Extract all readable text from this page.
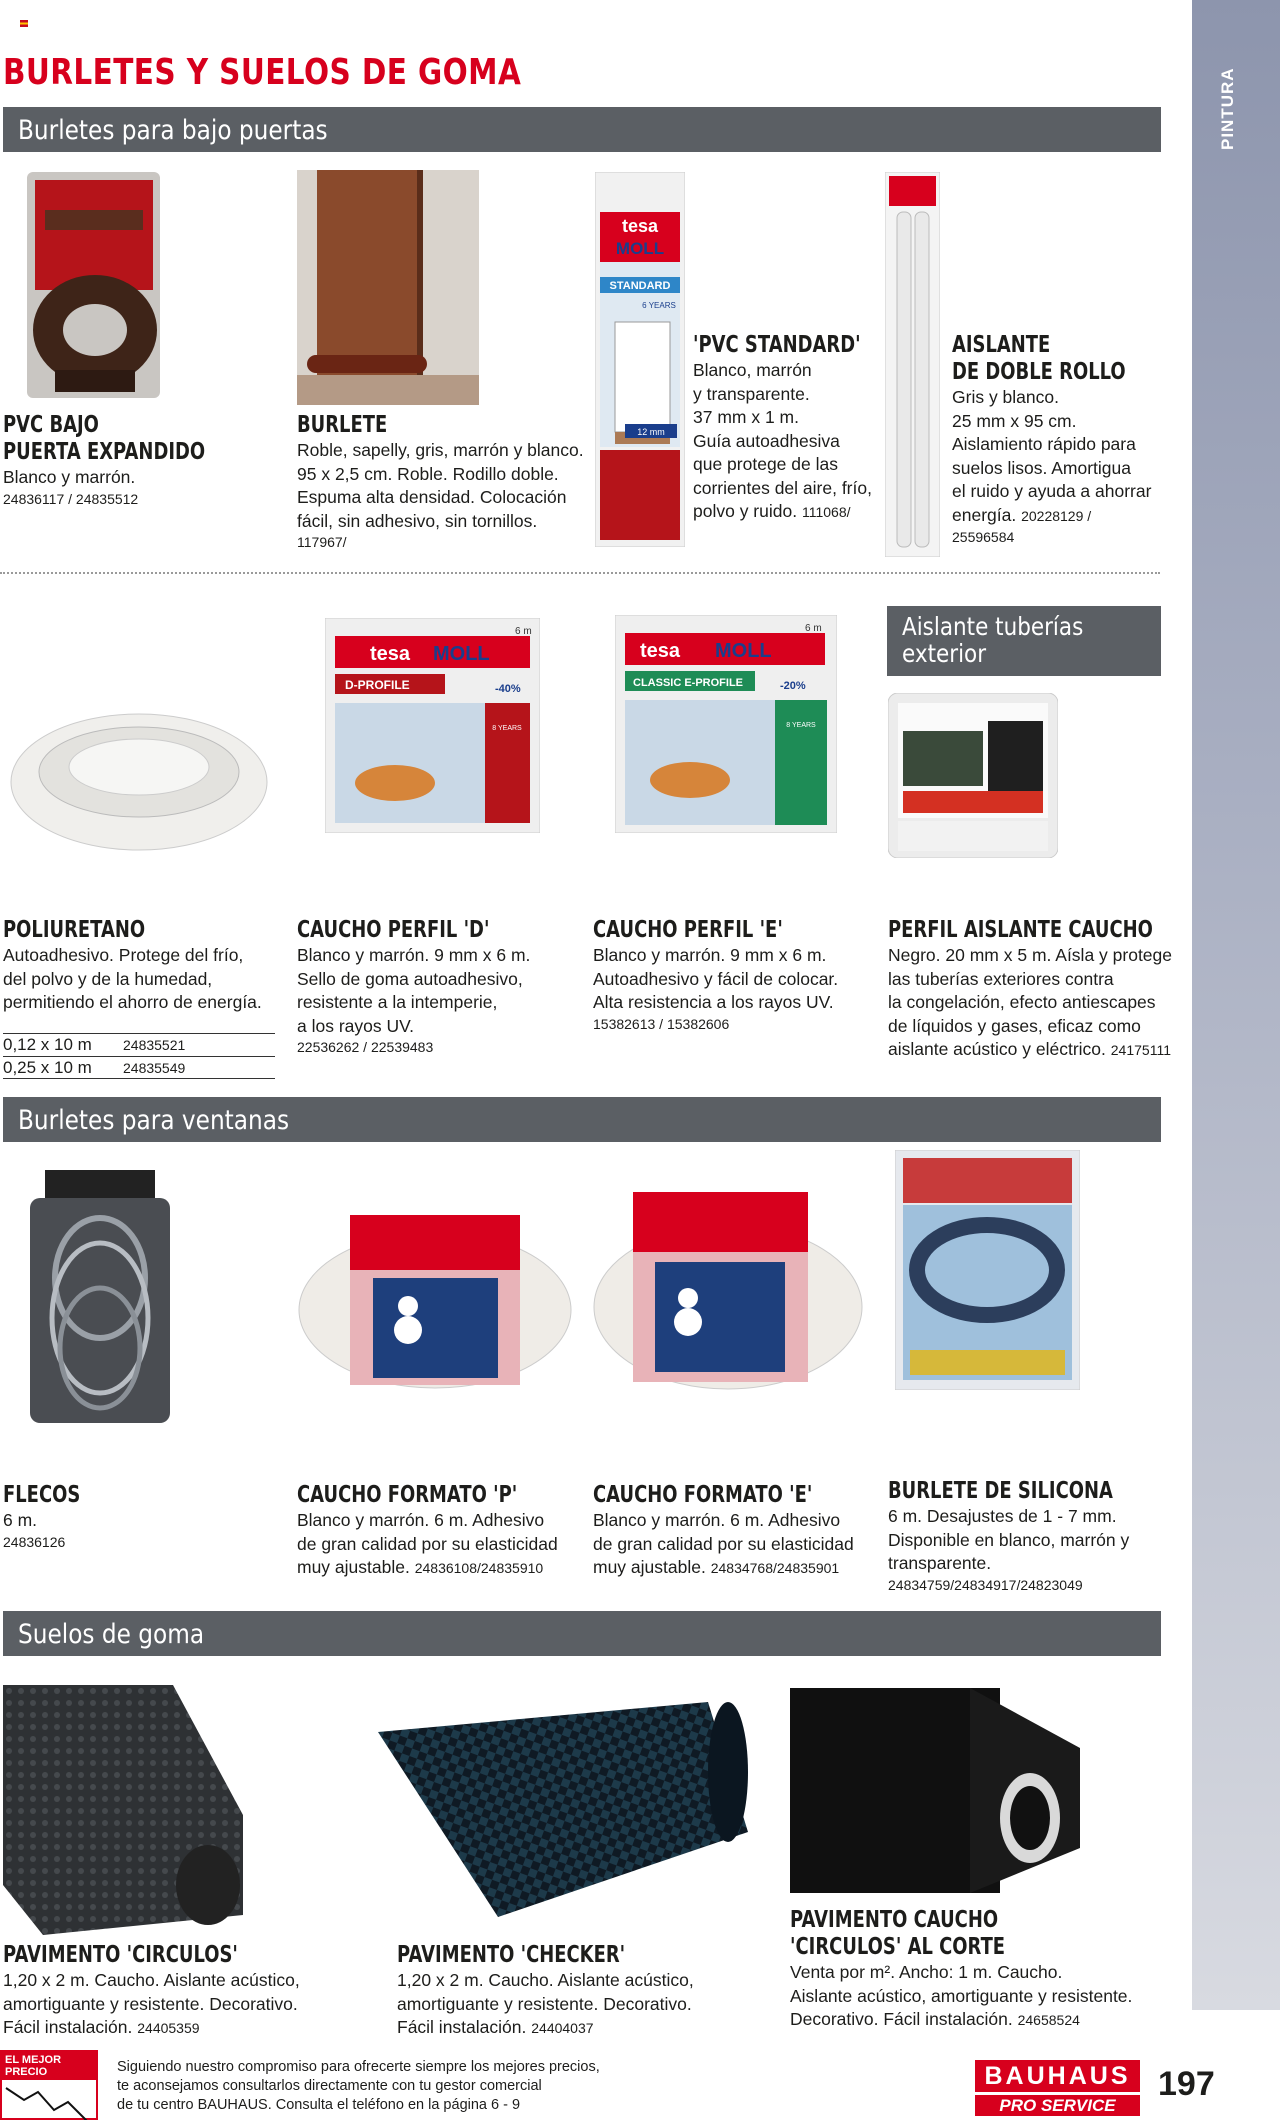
PINTURA
BURLETES Y SUELOS DE GOMA
Burletes para bajo puertas
tesa
MOLL
STANDARD
6 YEARS
12 mm
PVC BAJO
PUERTA EXPANDIDO
Blanco y marrón.
24836117 / 24835512
BURLETE
Roble, sapelly, gris, marrón y blanco.
95 x 2,5 cm. Roble. Rodillo doble.
Espuma alta densidad. Colocación
fácil, sin adhesivo, sin tornillos.
117967/
'PVC STANDARD'
Blanco, marrón
y transparente.
37 mm x 1 m.
Guía autoadhesiva
que protege de las
corrientes del aire, frío,
polvo y ruido. 111068/
AISLANTE
DE DOBLE ROLLO
Gris y blanco.
25 mm x 95 cm.
Aislamiento rápido para
suelos lisos. Amortigua
el ruido y ayuda a ahorrar
energía. 20228129 /
25596584
tesa MOLL
6 m
D-PROFILE	-40%
8 YEARS
tesa MOLL
6 m
CLASSIC E-PROFILE	-20%
8 YEARS
Aislante tuberías exterior
POLIURETANO
Autoadhesivo. Protege del frío,
del polvo y de la humedad,
permitiendo el ahorro de energía.
0,12 x 10 m	24835521
0,25 x 10 m	24835549
CAUCHO PERFIL 'D'
Blanco y marrón. 9 mm x 6 m.
Sello de goma autoadhesivo,
resistente a la intemperie,
a los rayos UV.
22536262 / 22539483
CAUCHO PERFIL 'E'
Blanco y marrón. 9 mm x 6 m.
Autoadhesivo y fácil de colocar.
Alta resistencia a los rayos UV.
15382613 / 15382606
PERFIL AISLANTE CAUCHO
Negro. 20 mm x 5 m. Aísla y protege
las tuberías exteriores contra
la congelación, efecto antiescapes
de líquidos y gases, eficaz como
aislante acústico y eléctrico. 24175111
Burletes para ventanas
FLECOS
6 m.
24836126
CAUCHO FORMATO 'P'
Blanco y marrón. 6 m. Adhesivo
de gran calidad por su elasticidad
muy ajustable. 24836108/24835910
CAUCHO FORMATO 'E'
Blanco y marrón. 6 m. Adhesivo
de gran calidad por su elasticidad
muy ajustable. 24834768/24835901
BURLETE DE SILICONA
6 m. Desajustes de 1 - 7 mm.
Disponible en blanco, marrón y
transparente.
24834759/24834917/24823049
Suelos de goma
PAVIMENTO 'CIRCULOS'
1,20 x 2 m. Caucho. Aislante acústico,
amortiguante y resistente. Decorativo.
Fácil instalación. 24405359
PAVIMENTO 'CHECKER'
1,20 x 2 m. Caucho. Aislante acústico,
amortiguante y resistente. Decorativo.
Fácil instalación. 24404037
PAVIMENTO CAUCHO
'CIRCULOS' AL CORTE
Venta por m². Ancho: 1 m. Caucho.
Aislante acústico, amortiguante y resistente.
Decorativo. Fácil instalación. 24658524
EL MEJOR PRECIO	Siguiendo nuestro compromiso para ofrecerte siempre los mejores precios,
te aconsejamos consultarlos directamente con tu gestor comercial
de tu centro BAUHAUS. Consulta el teléfono en la página 6 - 9
BAUHAUS
PRO SERVICE
197
